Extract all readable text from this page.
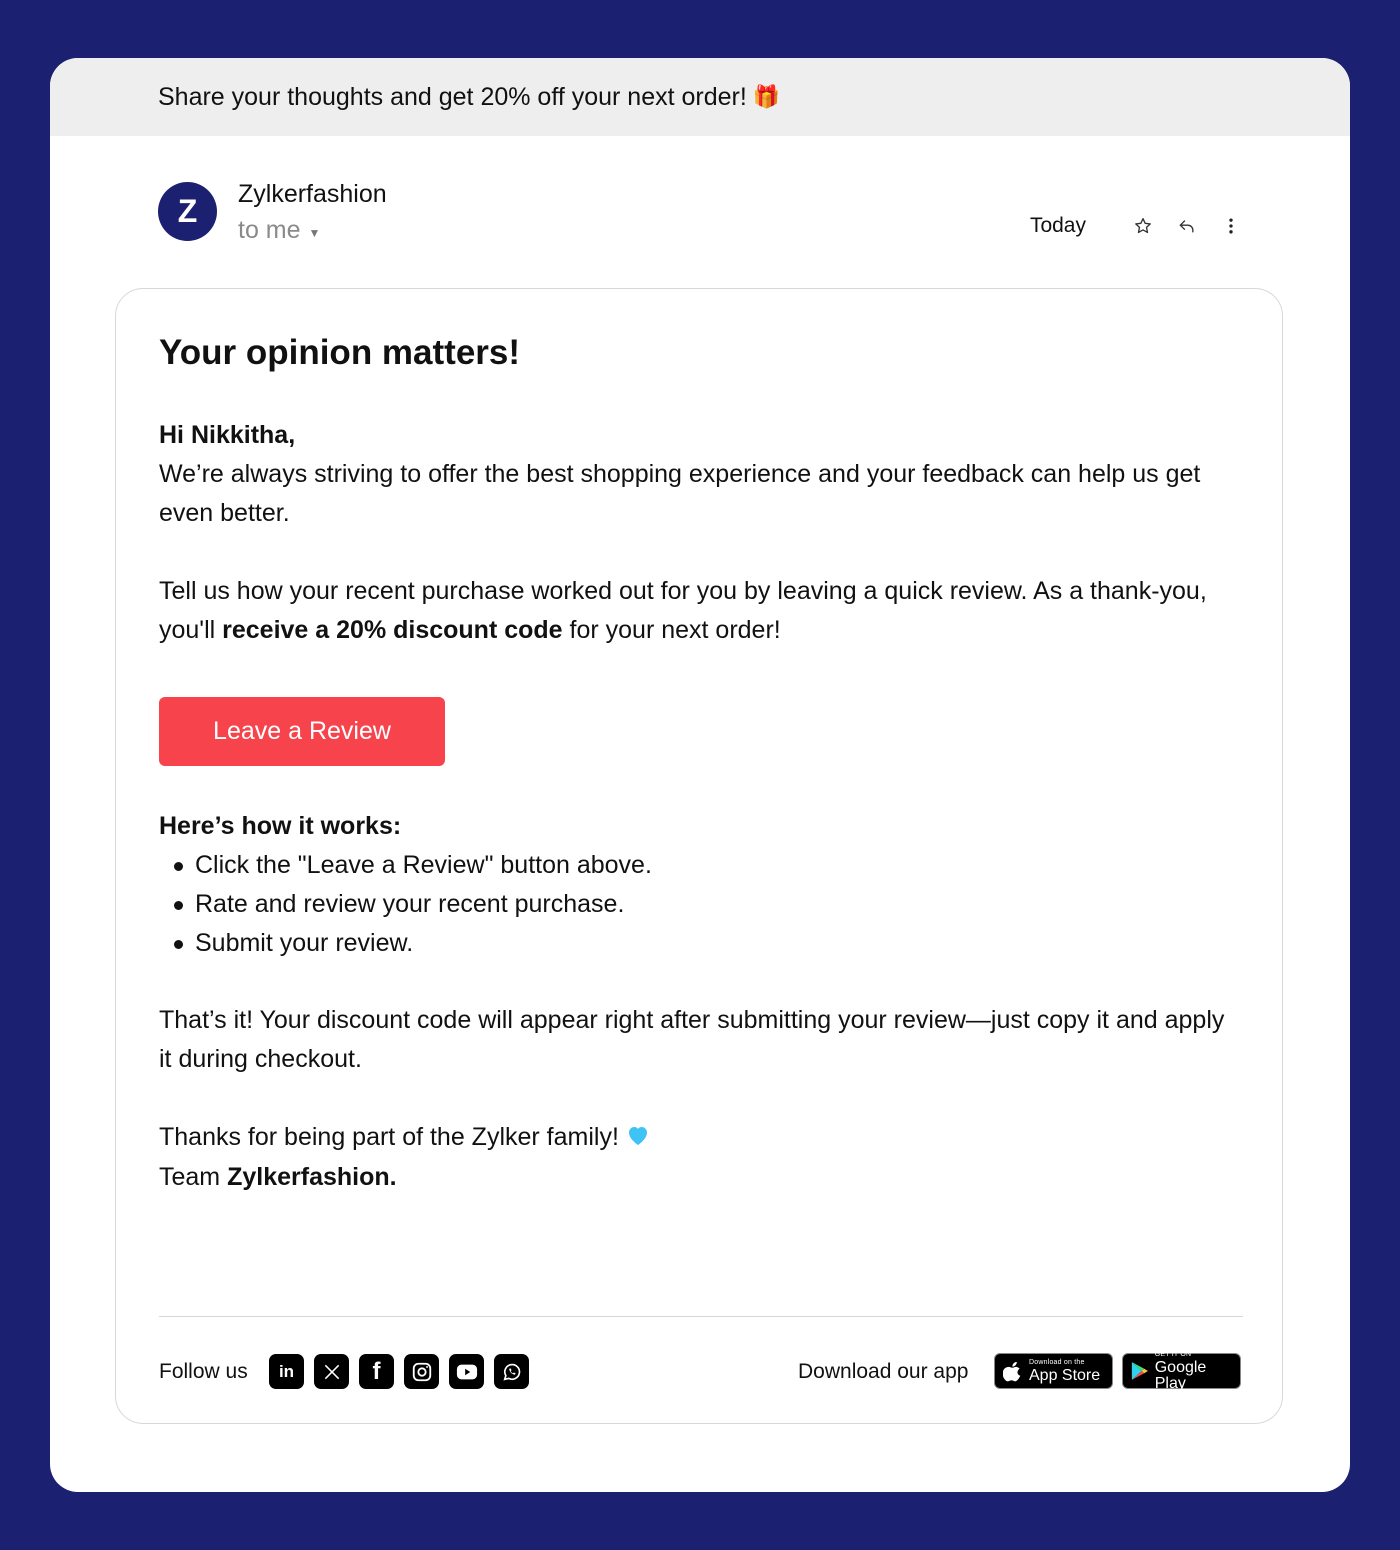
Share your thoughts and get 20% off your next order! 🎁
Z	Zylkerfashion
to me ▼	Today
Your opinion matters!

Hi Nikkitha,
We’re always striving to offer the best shopping experience and your feedback can help us get even better.

Tell us how your recent purchase worked out for you by leaving a quick review. As a thank-you, you'll receive a 20% discount code for your next order!

Leave a Review
Here’s how it works:
Click the "Leave a Review" button above.
Rate and review your recent purchase.
Submit your review.

That’s it! Your discount code will appear right after submitting your review—just copy it and apply it during checkout.

Thanks for being part of the Zylker family!
Team Zylkerfashion.

Follow us in	f	Download our app	Download on the
App Store
GET IT ON
Google Play
